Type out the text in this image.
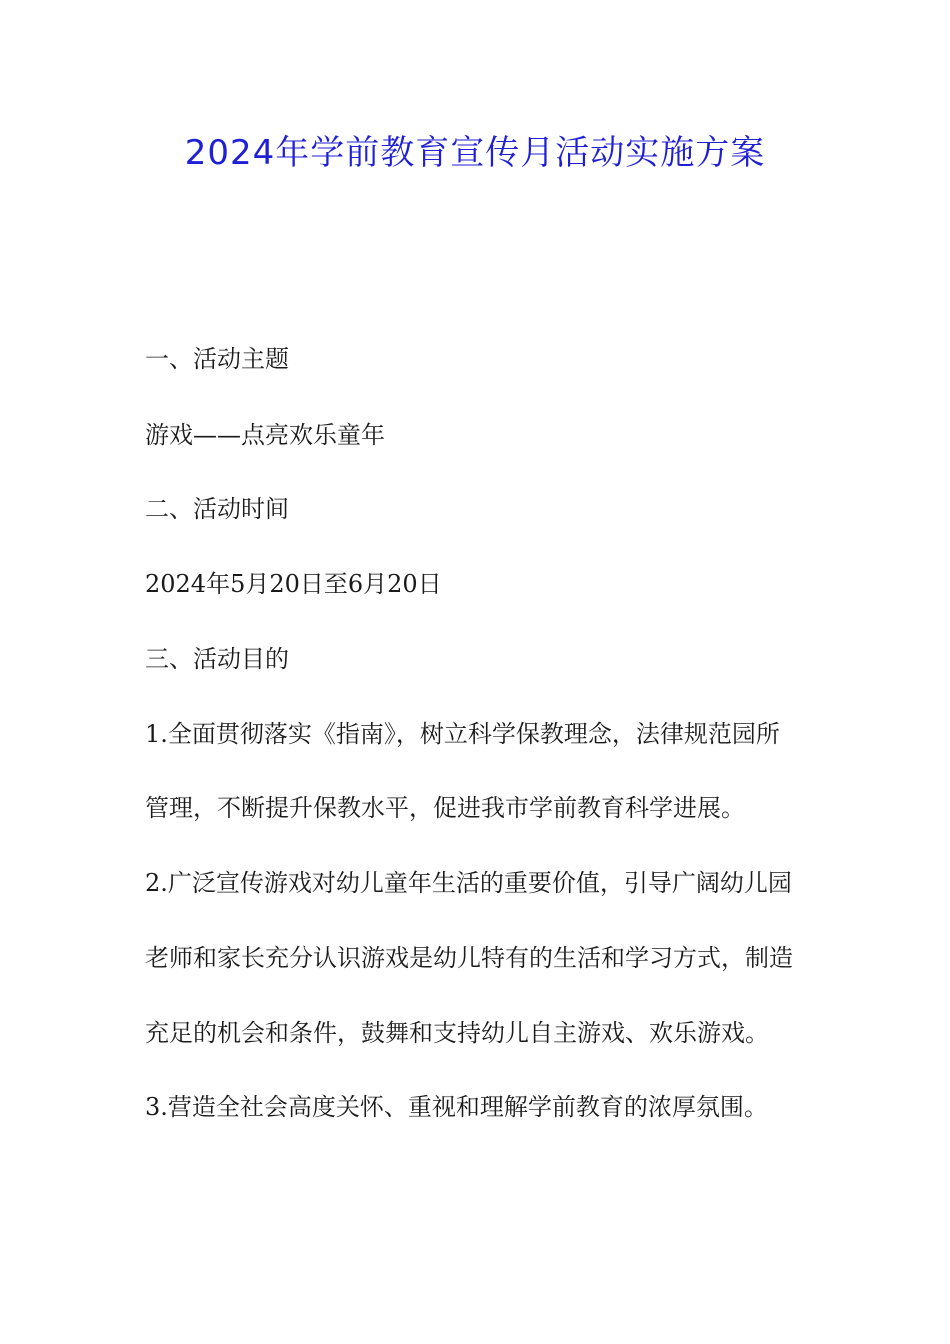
2024年学前教育宣传月活动实施方案

一、活动主题

游戏——点亮欢乐童年

二、活动时间

2024年5月20日至6月20日

三、活动目的

1.全面贯彻落实《指南》，树立科学保教理念，法律规范园所

管理，不断提升保教水平，促进我市学前教育科学进展。

2.广泛宣传游戏对幼儿童年生活的重要价值，引导广阔幼儿园

老师和家长充分认识游戏是幼儿特有的生活和学习方式，制造

充足的机会和条件，鼓舞和支持幼儿自主游戏、欢乐游戏。

3.营造全社会高度关怀、重视和理解学前教育的浓厚氛围。
